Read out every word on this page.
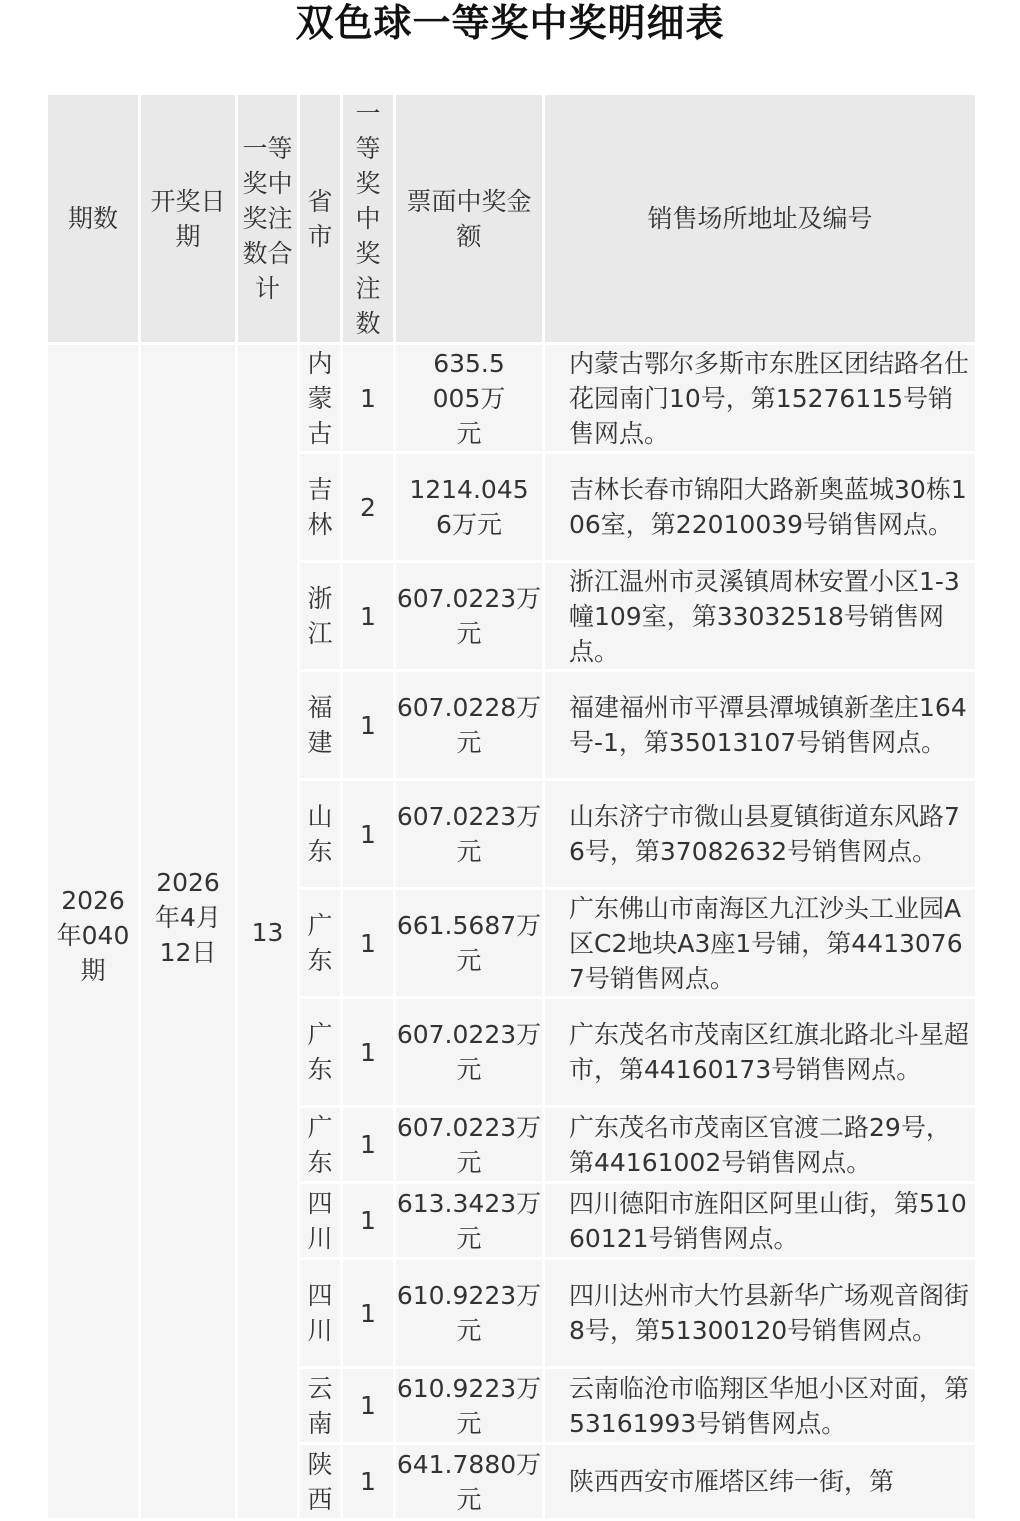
双色球一等奖中奖明细表
期数	开奖日期	一等奖中奖注数合计	省市	一等奖中奖注数	票面中奖金额	销售场所地址及编号
2026年040期	2026年4月12日	13	内蒙古	1	635.5005万元	内蒙古鄂尔多斯市东胜区团结路名仕花园南门10号，第15276115号销售网点。
			吉林	2	1214.0456万元	吉林长春市锦阳大路新奥蓝城30栋106室，第22010039号销售网点。
			浙江	1	607.0223万元	浙江温州市灵溪镇周林安置小区1-3幢109室，第33032518号销售网点。
			福建	1	607.0228万元	福建福州市平潭县潭城镇新垄庄164号-1，第35013107号销售网点。
			山东	1	607.0223万元	山东济宁市微山县夏镇街道东风路76号，第37082632号销售网点。
			广东	1	661.5687万元	广东佛山市南海区九江沙头工业园A区C2地块A3座1号铺，第44130767号销售网点。
			广东	1	607.0223万元	广东茂名市茂南区红旗北路北斗星超市，第44160173号销售网点。
			广东	1	607.0223万元	广东茂名市茂南区官渡二路29号，第44161002号销售网点。
			四川	1	613.3423万元	四川德阳市旌阳区阿里山街，第51060121号销售网点。
			四川	1	610.9223万元	四川达州市大竹县新华广场观音阁街8号，第51300120号销售网点。
			云南	1	610.9223万元	云南临沧市临翔区华旭小区对面，第53161993号销售网点。
			陕西	1	641.7880万元	陕西西安市雁塔区纬一街，第
